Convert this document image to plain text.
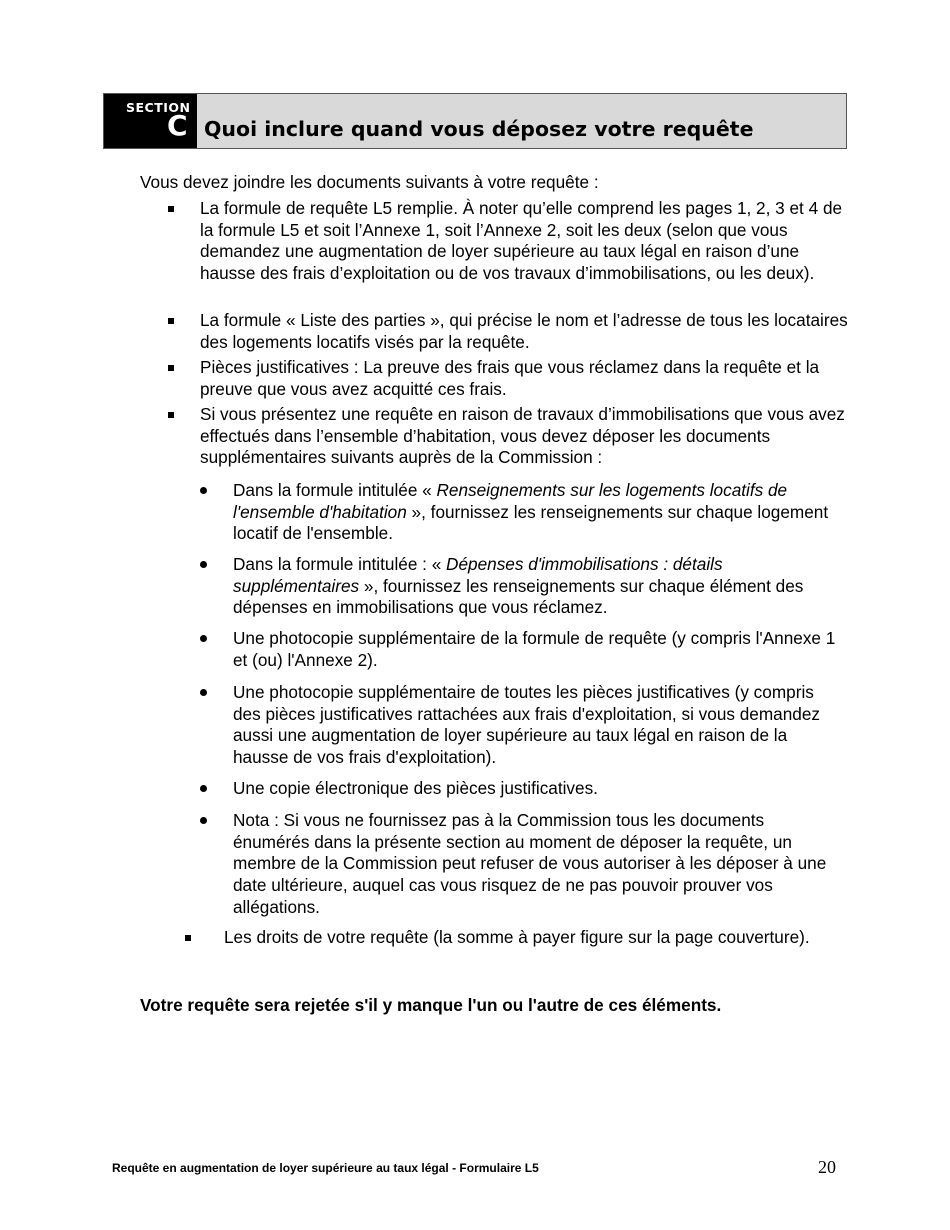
SECTION
C Quoi inclure quand vous déposez votre requête
Vous devez joindre les documents suivants à votre requête :
La formule de requête L5 remplie. À noter qu’elle comprend les pages 1, 2, 3 et 4 de la formule L5 et soit l’Annexe 1, soit l’Annexe 2, soit les deux (selon que vous demandez une augmentation de loyer supérieure au taux légal en raison d’une hausse des frais d’exploitation ou de vos travaux d’immobilisations, ou les deux).
La formule « Liste des parties », qui précise le nom et l’adresse de tous les locataires des logements locatifs visés par la requête.
Pièces justificatives : La preuve des frais que vous réclamez dans la requête et la preuve que vous avez acquitté ces frais.
Si vous présentez une requête en raison de travaux d’immobilisations que vous avez effectués dans l’ensemble d’habitation, vous devez déposer les documents supplémentaires suivants auprès de la Commission :
Dans la formule intitulée « Renseignements sur les logements locatifs de l'ensemble d'habitation », fournissez les renseignements sur chaque logement locatif de l'ensemble.
Dans la formule intitulée : « Dépenses d'immobilisations : détails supplémentaires », fournissez les renseignements sur chaque élément des dépenses en immobilisations que vous réclamez.
Une photocopie supplémentaire de la formule de requête (y compris l'Annexe 1 et (ou) l'Annexe 2).
Une photocopie supplémentaire de toutes les pièces justificatives (y compris des pièces justificatives rattachées aux frais d'exploitation, si vous demandez aussi une augmentation de loyer supérieure au taux légal en raison de la hausse de vos frais d'exploitation).
Une copie électronique des pièces justificatives.
Nota : Si vous ne fournissez pas à la Commission tous les documents énumérés dans la présente section au moment de déposer la requête, un membre de la Commission peut refuser de vous autoriser à les déposer à une date ultérieure, auquel cas vous risquez de ne pas pouvoir prouver vos allégations.
Les droits de votre requête (la somme à payer figure sur la page couverture).
Votre requête sera rejetée s'il y manque l'un ou l'autre de ces éléments.
Requête en augmentation de loyer supérieure au taux légal - Formulaire L5	20
